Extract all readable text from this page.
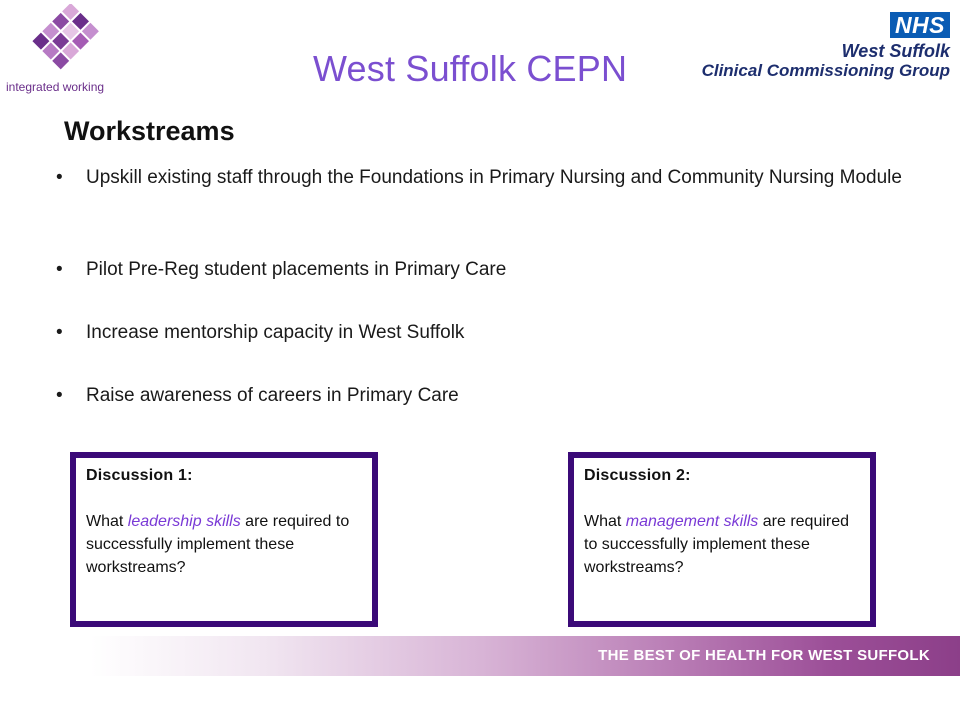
integrated working	West Suffolk CEPN
NHS
West Suffolk
Clinical Commissioning Group
Workstreams
•	Upskill existing staff through the Foundations in Primary Nursing and Community Nursing Module
•	Pilot Pre-Reg student placements in Primary Care
•	Increase mentorship capacity in West Suffolk
•	Raise awareness of careers in Primary Care
Discussion 1:
What leadership skills are required to successfully implement these workstreams?
Discussion 2:
What management skills are required to successfully implement these workstreams?
THE BEST OF HEALTH FOR WEST SUFFOLK
